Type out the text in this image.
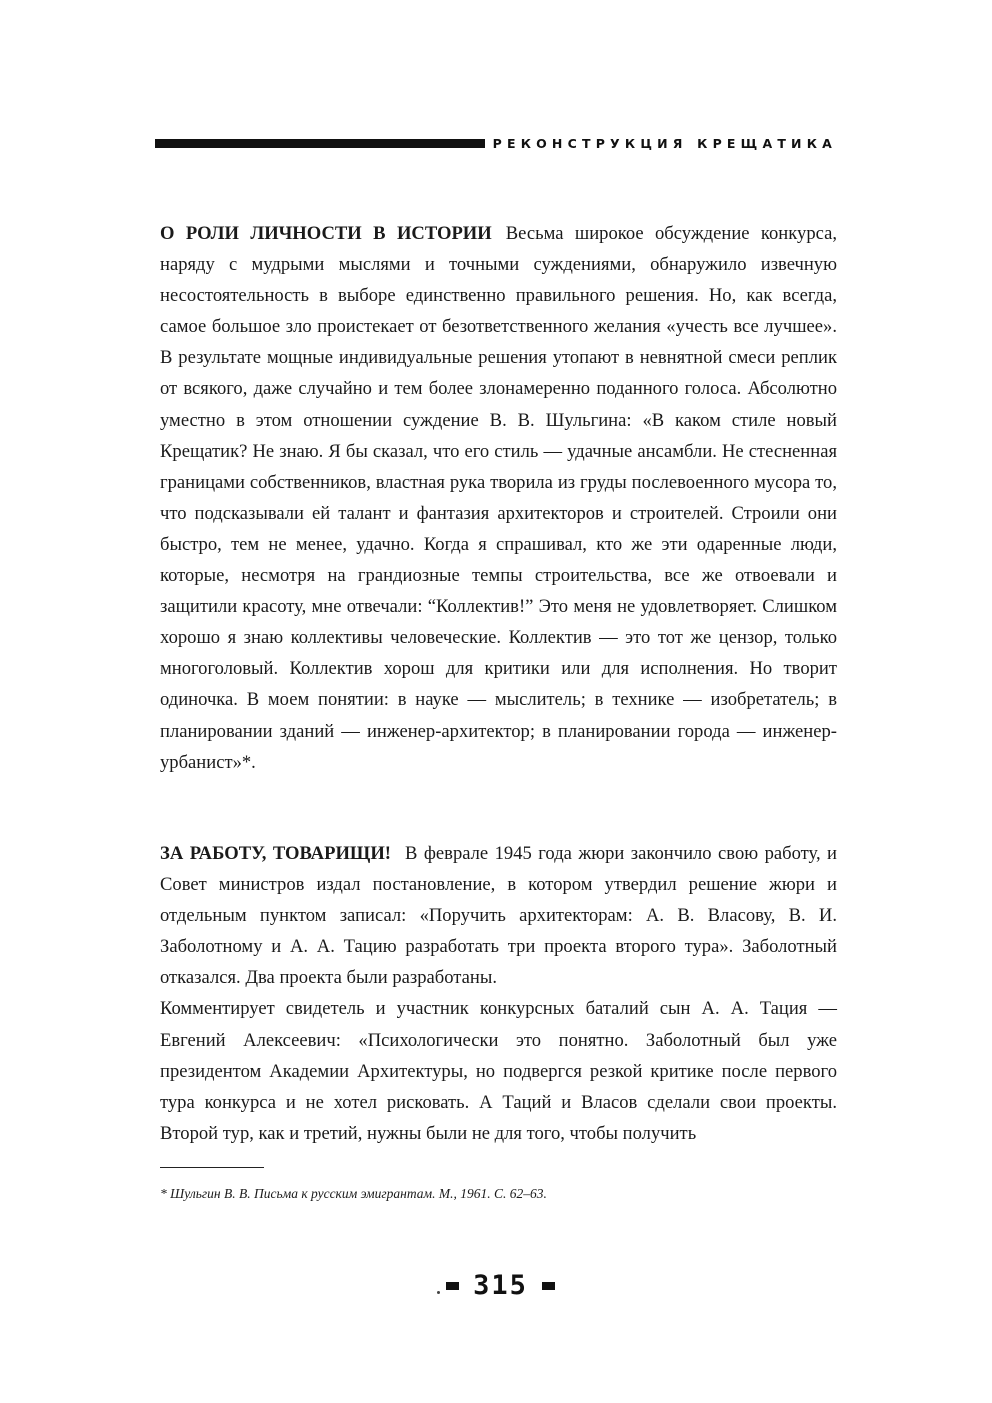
РЕКОНСТРУКЦИЯ КРЕЩАТИКА

О РОЛИ ЛИЧНОСТИ В ИСТОРИИ Весьма широкое обсуждение конкурса, наряду с мудрыми мыслями и точными суждениями, обнаружило извечную несостоятельность в выборе единственно правильного решения. Но, как всегда, самое большое зло проистекает от безответственного желания «учесть все лучшее». В результате мощные индивидуальные решения утопают в невнятной смеси реплик от всякого, даже случайно и тем более злонамеренно поданного голоса. Абсолютно уместно в этом отношении суждение В. В. Шульгина: «В каком стиле новый Крещатик? Не знаю. Я бы сказал, что его стиль — удачные ансамбли. Не стесненная границами собственников, властная рука творила из груды послевоенного мусора то, что подсказывали ей талант и фантазия архитекторов и строителей. Строили они быстро, тем не менее, удачно. Когда я спрашивал, кто же эти одаренные люди, которые, несмотря на грандиозные темпы строительства, все же отвоевали и защитили красоту, мне отвечали: “Коллектив!” Это меня не удовлетворяет. Слишком хорошо я знаю коллективы человеческие. Коллектив — это тот же цензор, только многоголовый. Коллектив хорош для критики или для исполнения. Но творит одиночка. В моем понятии: в науке — мыслитель; в технике — изобретатель; в планировании зданий — инженер-архитектор; в планировании города — инженер-урбанист»*.

ЗА РАБОТУ, ТОВАРИЩИ! В феврале 1945 года жюри закончило свою работу, и Совет министров издал постановление, в котором утвердил решение жюри и отдельным пунктом записал: «Поручить архитекторам: А. В. Власову, В. И. Заболотному и А. А. Тацию разработать три проекта второго тура». Заболотный отказался. Два проекта были разработаны.

Комментирует свидетель и участник конкурсных баталий сын А. А. Тация — Евгений Алексеевич: «Психологически это понятно. Заболотный был уже президентом Академии Архитектуры, но подвергся резкой критике после первого тура конкурса и не хотел рисковать. А Таций и Власов сделали свои проекты. Второй тур, как и третий, нужны были не для того, чтобы получить

* Шульгин В. В. Письма к русским эмигрантам. М., 1961. С. 62–63.
315
